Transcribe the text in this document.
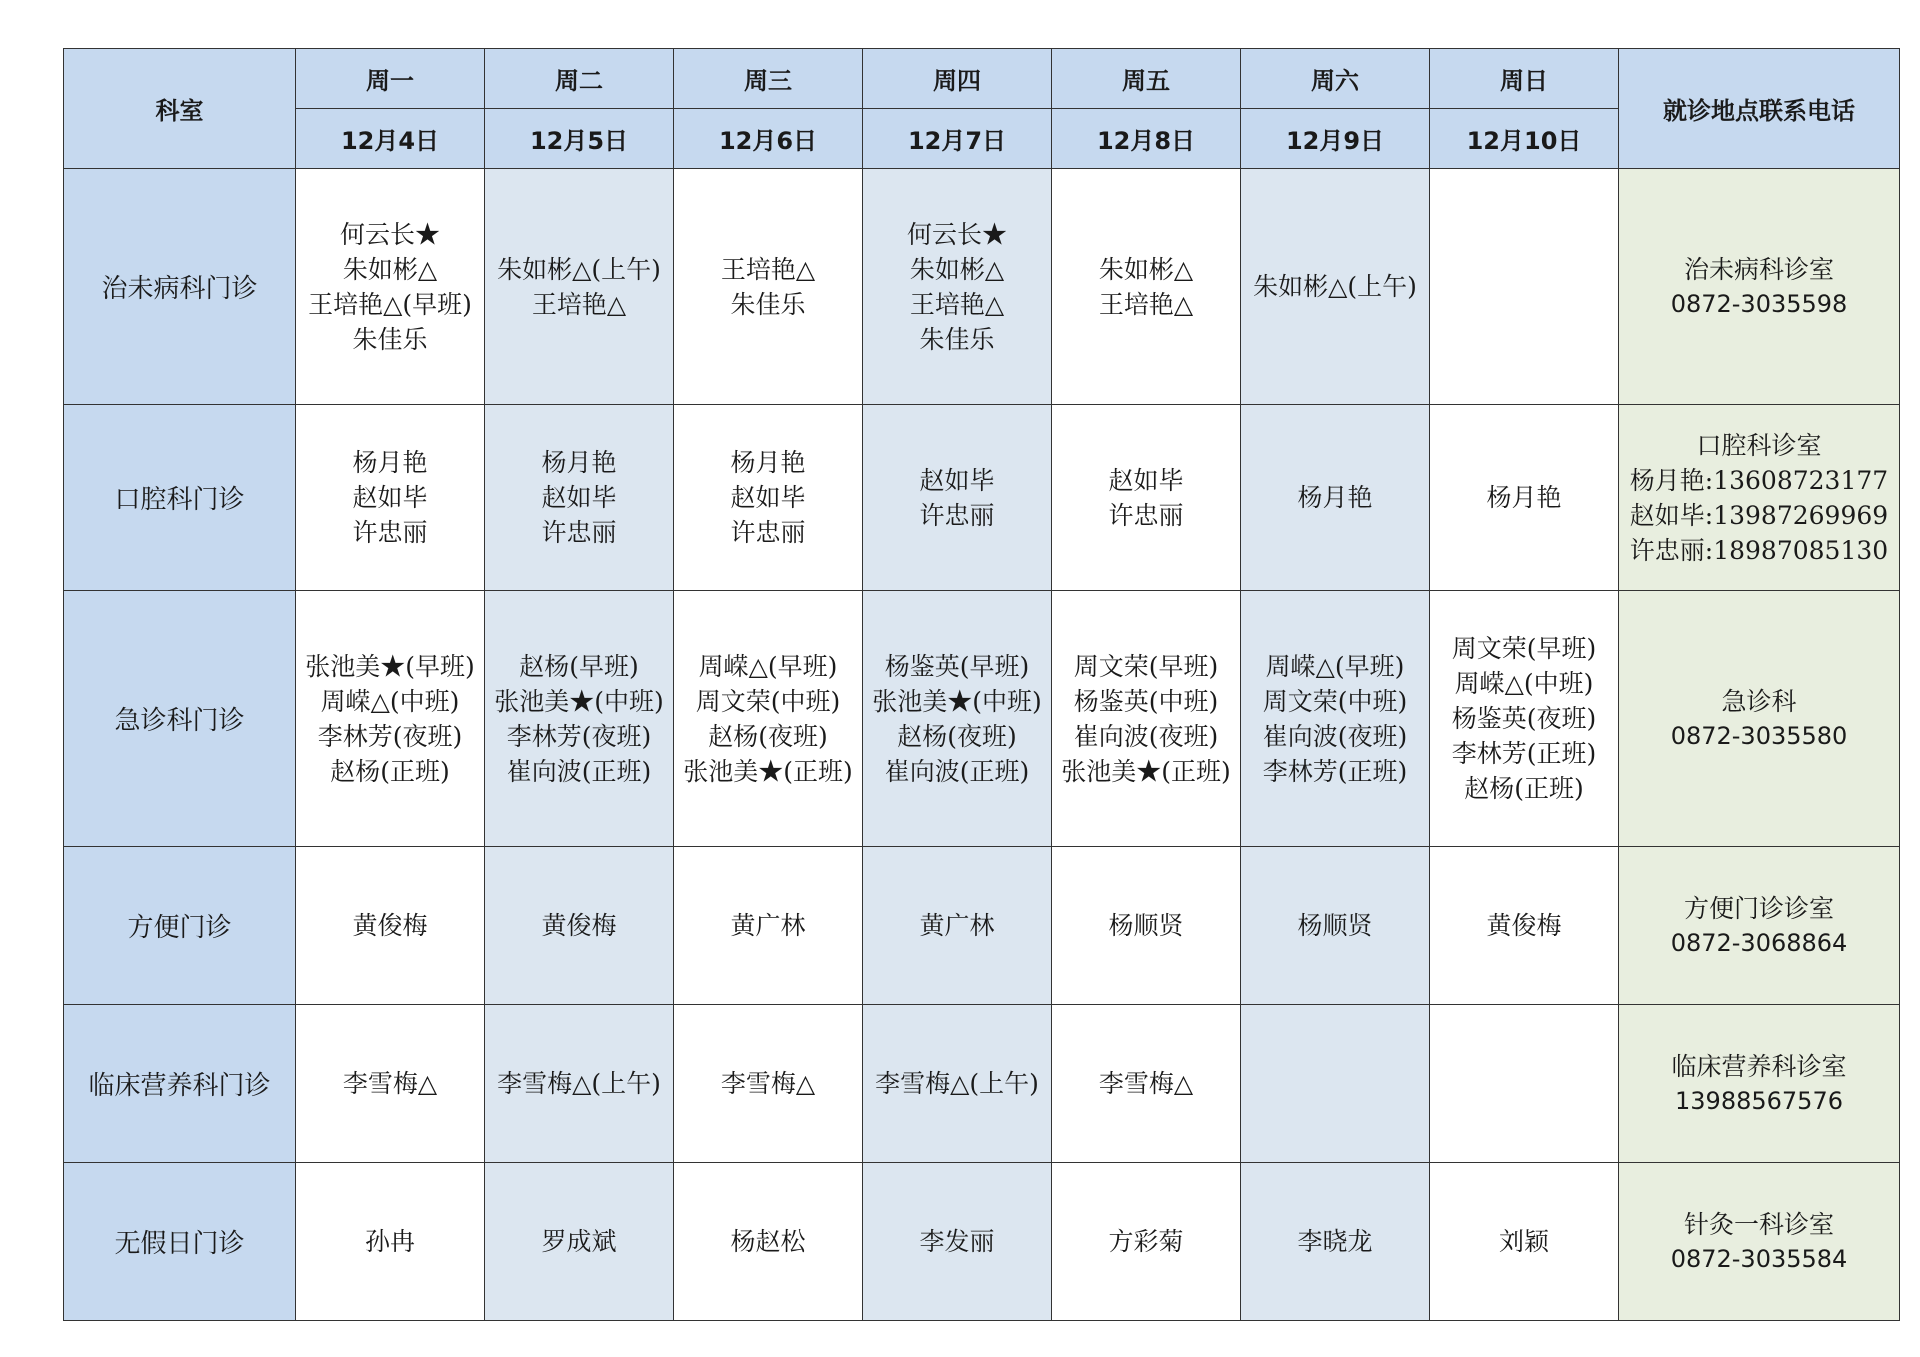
科室	周一	周二	周三	周四	周五	周六	周日	就诊地点联系电话
	12月4日	12月5日	12月6日	12月7日	12月8日	12月9日	12月10日	
治未病科门诊	何云长★
朱如彬△
王培艳△(早班)
朱佳乐	朱如彬△(上午)
王培艳△	王培艳△
朱佳乐	何云长★
朱如彬△
王培艳△
朱佳乐	朱如彬△
王培艳△	朱如彬△(上午)		治未病科诊室
0872-3035598

口腔科门诊	杨月艳
赵如毕
许忠丽	杨月艳
赵如毕
许忠丽	杨月艳
赵如毕
许忠丽	赵如毕
许忠丽	赵如毕
许忠丽	杨月艳	杨月艳	口腔科诊室
杨月艳:13608723177
赵如毕:13987269969
许忠丽:18987085130

急诊科门诊	张池美★(早班)
周嵘△(中班)
李林芳(夜班)
赵杨(正班)	赵杨(早班)
张池美★(中班)
李林芳(夜班)
崔向波(正班)	周嵘△(早班)
周文荣(中班)
赵杨(夜班)
张池美★(正班)	杨鉴英(早班)
张池美★(中班)
赵杨(夜班)
崔向波(正班)	周文荣(早班)
杨鉴英(中班)
崔向波(夜班)
张池美★(正班)	周嵘△(早班)
周文荣(中班)
崔向波(夜班)
李林芳(正班)	周文荣(早班)
周嵘△(中班)
杨鉴英(夜班)
李林芳(正班)
赵杨(正班)	急诊科
0872-3035580

方便门诊	黄俊梅	黄俊梅	黄广林	黄广林	杨顺贤	杨顺贤	黄俊梅	方便门诊诊室
0872-3068864

临床营养科门诊	李雪梅△	李雪梅△(上午)	李雪梅△	李雪梅△(上午)	李雪梅△			临床营养科诊室
13988567576

无假日门诊	孙冉	罗成斌	杨赵松	李发丽	方彩菊	李晓龙	刘颖	针灸一科诊室
0872-3035584
